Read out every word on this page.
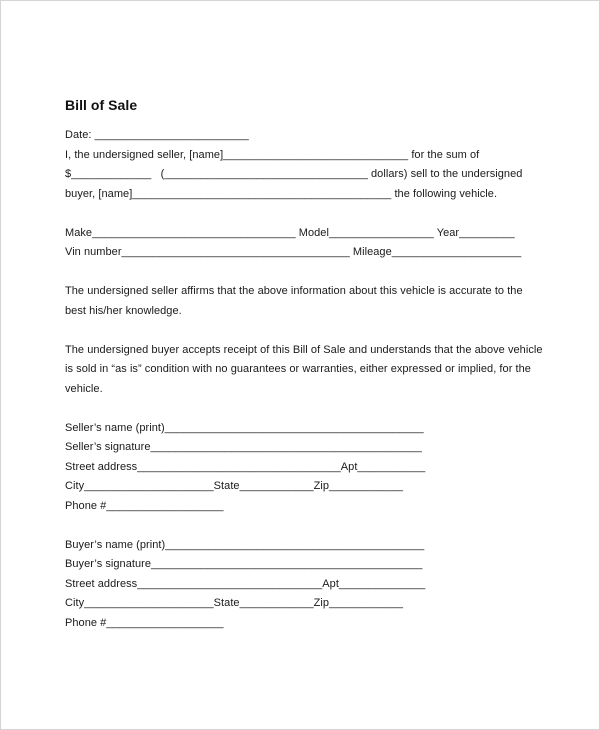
Bill of Sale
Date: _________________________
I, the undersigned seller, [name]______________________________ for the sum of
$_____________   (_________________________________ dollars) sell to the undersigned
buyer, [name]__________________________________________ the following vehicle.
Make_________________________________ Model_________________ Year_________
Vin number_____________________________________ Mileage_____________________
The undersigned seller affirms that the above information about this vehicle is accurate to the best his/her knowledge.
The undersigned buyer accepts receipt of this Bill of Sale and understands that the above vehicle is sold in “as is” condition with no guarantees or warranties, either expressed or implied, for the vehicle.
Seller’s name (print)__________________________________________
Seller’s signature____________________________________________
Street address_________________________________Apt___________
City_____________________State____________Zip____________
Phone #___________________
Buyer’s name (print)__________________________________________
Buyer’s signature____________________________________________
Street address______________________________Apt______________
City_____________________State____________Zip____________
Phone #___________________
